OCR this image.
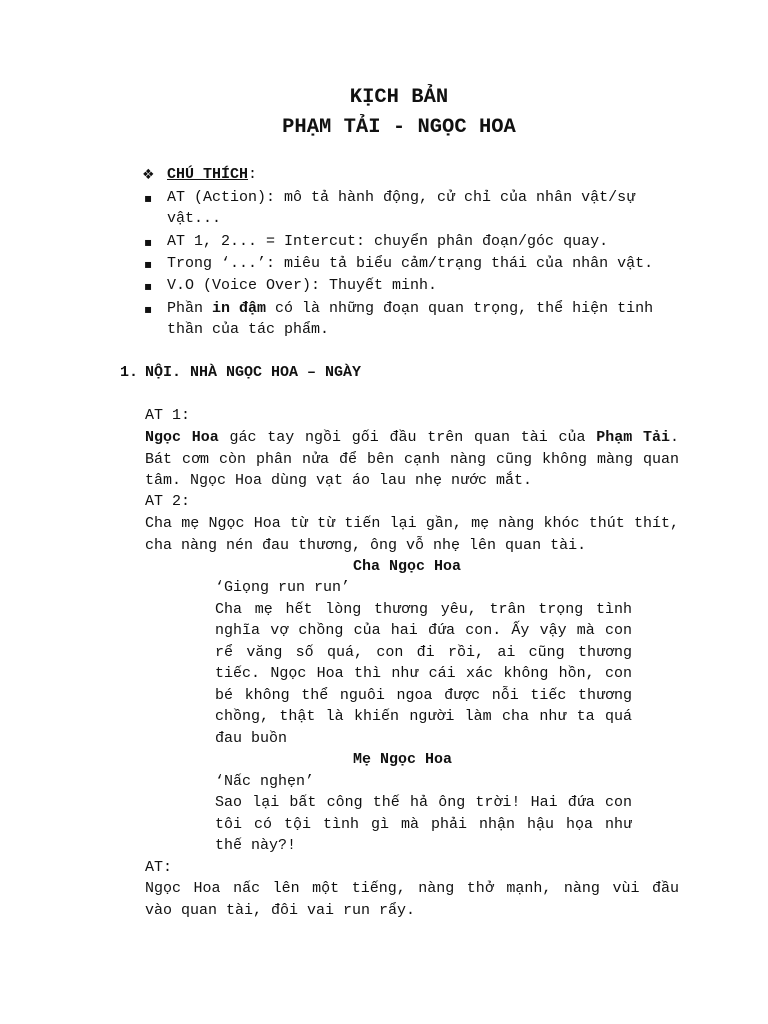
KỊCH BẢN
PHẠM TẢI - NGỌC HOA
❖ CHÚ THÍCH:
▪ AT (Action): mô tả hành động, cử chỉ của nhân vật/sự
vật...
▪ AT 1, 2... = Intercut: chuyển phân đoạn/góc quay.
▪ Trong ‘...’: miêu tả biểu cảm/trạng thái của nhân vật.
▪ V.O (Voice Over): Thuyết minh.
▪ Phần in đậm có là những đoạn quan trọng, thể hiện tinh
thần của tác phẩm.
1. NỘI. NHÀ NGỌC HOA – NGÀY
AT 1:
Ngọc Hoa gác tay ngồi gối đầu trên quan tài của Phạm Tải.
Bát cơm còn phân nửa để bên cạnh nàng cũng không màng quan
tâm. Ngọc Hoa dùng vạt áo lau nhẹ nước mắt.
AT 2:
Cha mẹ Ngọc Hoa từ từ tiến lại gần, mẹ nàng khóc thút thít,
cha nàng nén đau thương, ông vỗ nhẹ lên quan tài.
Cha Ngọc Hoa
‘Giọng run run’
Cha mẹ hết lòng thương yêu, trân trọng tình
nghĩa vợ chồng của hai đứa con. Ấy vậy mà con
rể văng số quá, con đi rồi, ai cũng thương
tiếc. Ngọc Hoa thì như cái xác không hồn, con
bé không thể nguôi ngoa được nỗi tiếc thương
chồng, thật là khiến người làm cha như ta quá
đau buồn
Mẹ Ngọc Hoa
‘Nấc nghẹn’
Sao lại bất công thế hả ông trời! Hai đứa con
tôi có tội tình gì mà phải nhận hậu họa như
thế này?!
AT:
Ngọc Hoa nấc lên một tiếng, nàng thở mạnh, nàng vùi đầu
vào quan tài, đôi vai run rẩy.
